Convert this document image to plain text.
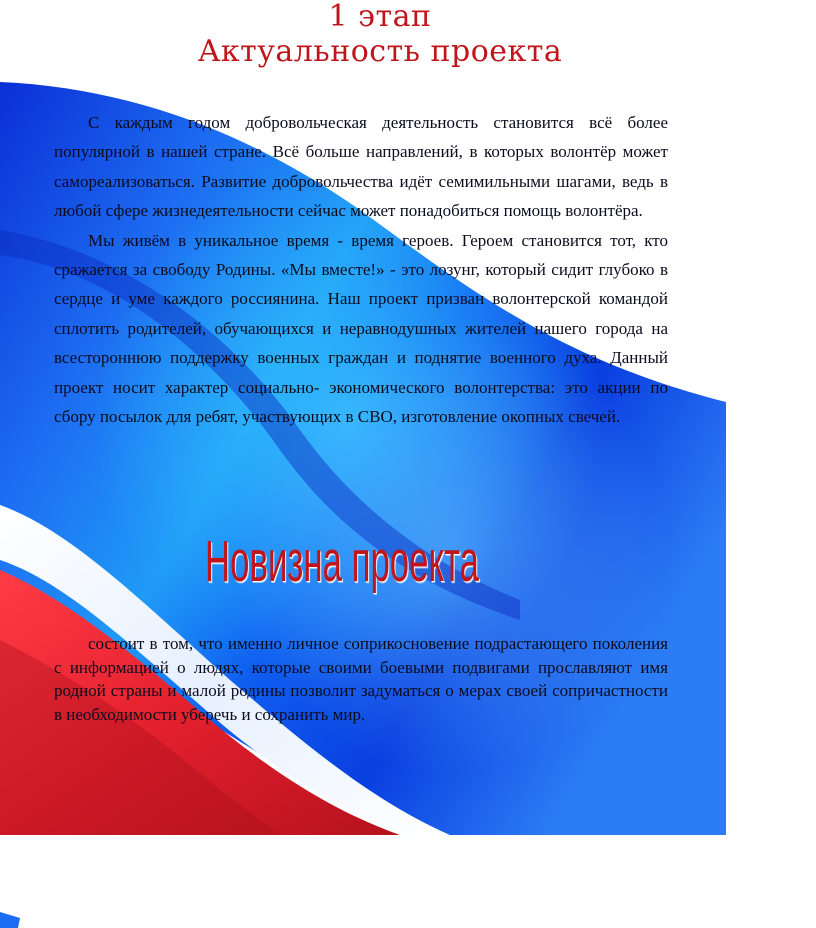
1 этап
Актуальность проекта

С каждым годом добровольческая деятельность становится всё более популярной в нашей стране. Всё больше направлений, в которых волонтёр может самореализоваться. Развитие добровольчества идёт семимильными шагами, ведь в любой сфере жизнедеятельности сейчас может понадобиться помощь волонтёра.

Мы живём в уникальное время - время героев. Героем становится тот, кто сражается за свободу Родины. «Мы вместе!» - это лозунг, который сидит глубоко в сердце и уме каждого россиянина. Наш проект призван волонтерской командой сплотить родителей, обучающихся и неравнодушных жителей нашего города на всестороннюю поддержку военных граждан и поднятие военного духа. Данный проект носит характер социально- экономического волонтерства: это акции по сбору посылок для ребят, участвующих в СВО, изготовление окопных свечей.

Новизна проекта

состоит в том, что именно личное соприкосновение подрастающего поколения с информацией о людях, которые своими боевыми подвигами прославляют имя родной страны и малой родины позволит задуматься о мерах своей сопричастности в необходимости уберечь и сохранить мир.
